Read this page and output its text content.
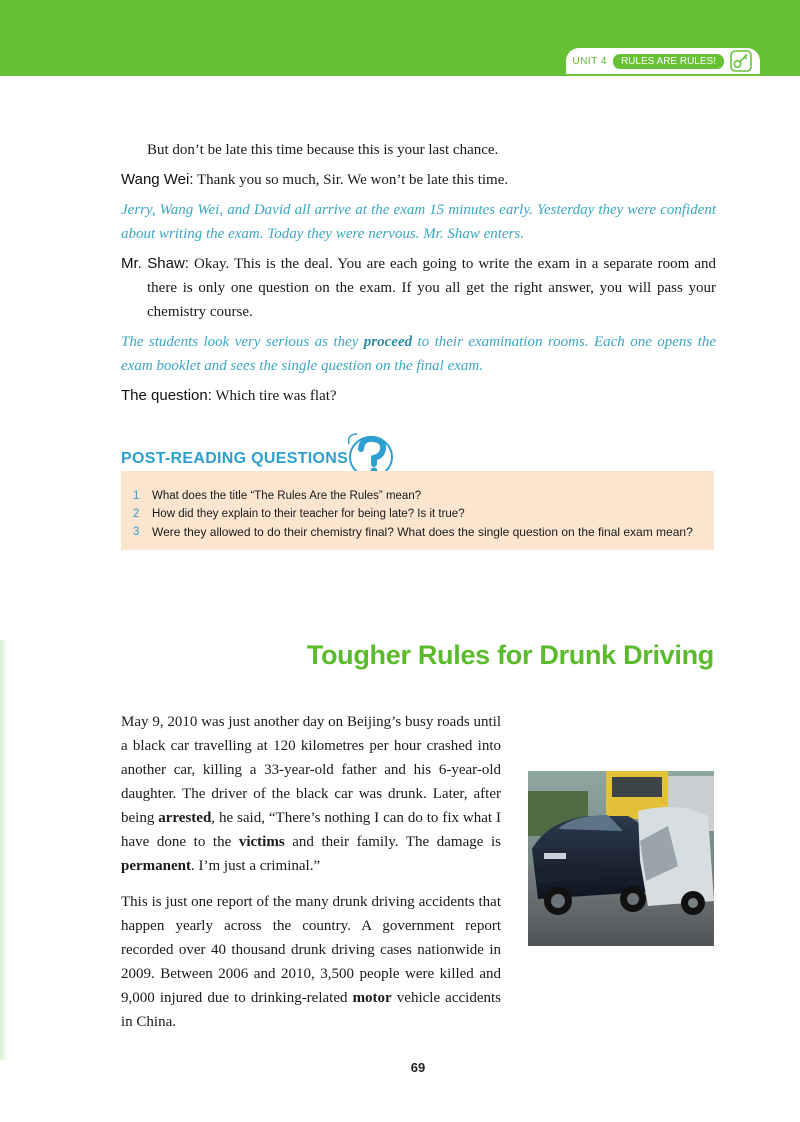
UNIT 4	RULES ARE RULES!

But don’t be late this time because this is your last chance.

Wang Wei: Thank you so much, Sir. We won’t be late this time.

Jerry, Wang Wei, and David all arrive at the exam 15 minutes early. Yesterday they were confident about writing the exam. Today they were nervous. Mr. Shaw enters.

Mr. Shaw: Okay. This is the deal. You are each going to write the exam in a separate room and there is only one question on the exam. If you all get the right answer, you will pass your chemistry course.

The students look very serious as they proceed to their examination rooms. Each one opens the exam booklet and sees the single question on the final exam.

The question: Which tire was flat?

POST-READING QUESTIONS
1	What does the title “The Rules Are the Rules” mean?
2	How did they explain to their teacher for being late? Is it true?
3	Were they allowed to do their chemistry final? What does the single question on the final exam mean?
Tougher Rules for Drunk Driving

May 9, 2010 was just another day on Beijing’s busy roads until a black car travelling at 120 kilometres per hour crashed into another car, killing a 33-year-old father and his 6-year-old daughter. The driver of the black car was drunk. Later, after being arrested, he said, “There’s nothing I can do to fix what I have done to the victims and their family. The damage is permanent. I’m just a criminal.”

This is just one report of the many drunk driving accidents that happen yearly across the country. A government report recorded over 40 thousand drunk driving cases nationwide in 2009. Between 2006 and 2010, 3,500 people were killed and 9,000 injured due to drinking-related motor vehicle accidents in China.

69
